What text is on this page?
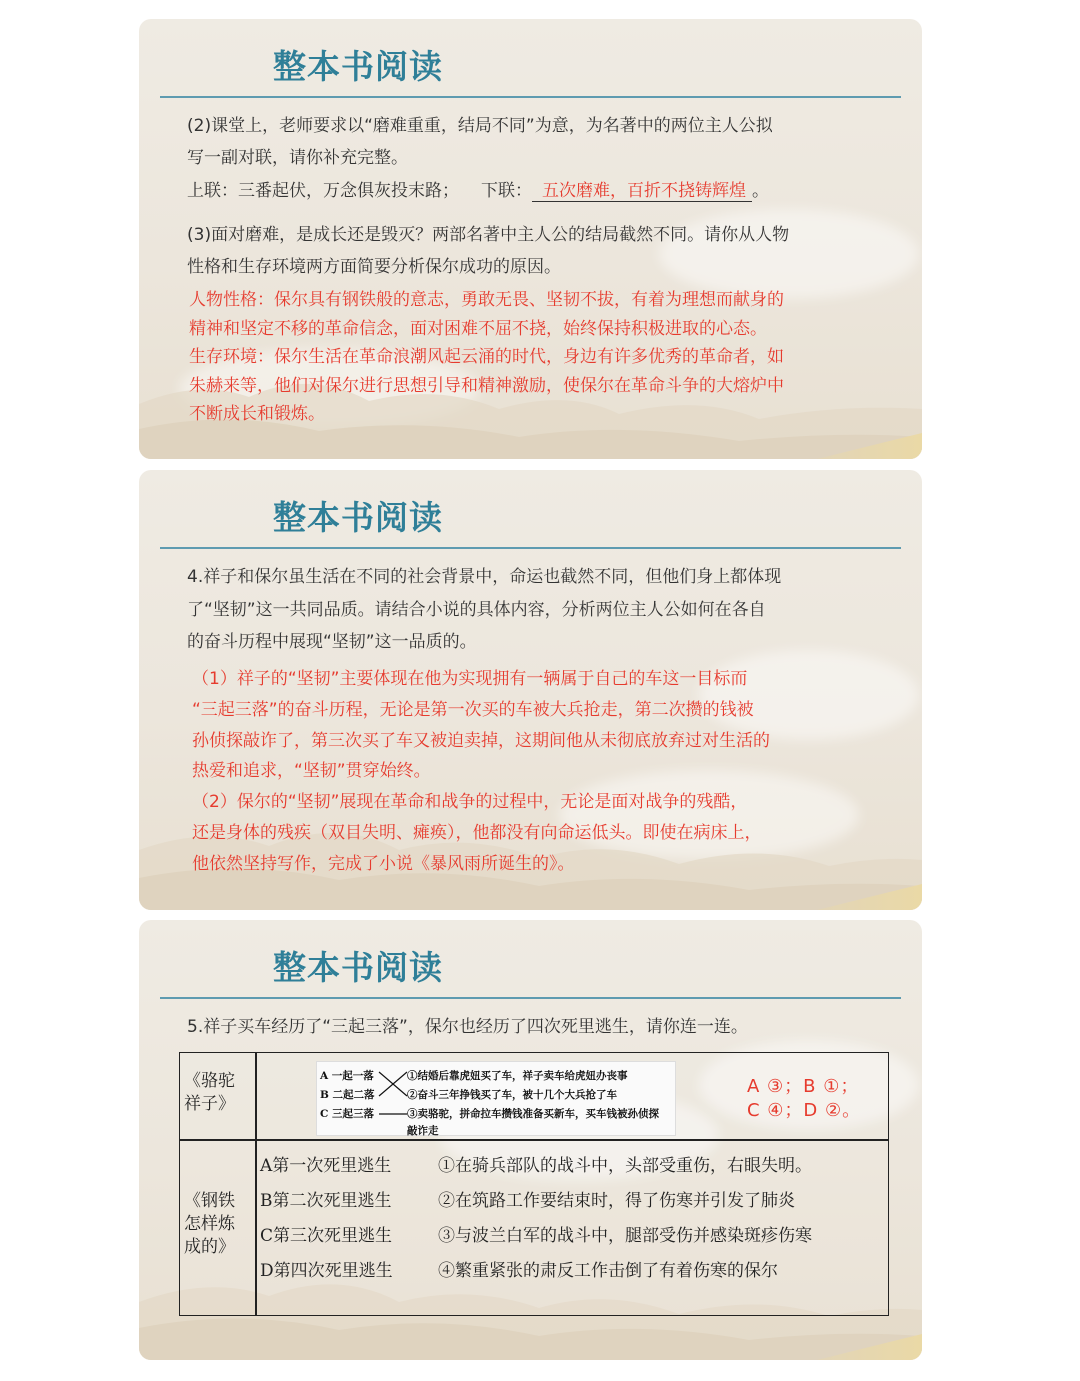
整本书阅读
(2)课堂上，老师要求以“磨难重重，结局不同”为意，为名著中的两位主人公拟
写一副对联，请你补充完整。
上联：三番起伏，万念俱灰投末路； 下联： 五次磨难，百折不挠铸辉煌 。
(3)面对磨难，是成长还是毁灭？两部名著中主人公的结局截然不同。请你从人物
性格和生存环境两方面简要分析保尔成功的原因。
人物性格：保尔具有钢铁般的意志，勇敢无畏、坚韧不拔，有着为理想而献身的
精神和坚定不移的革命信念，面对困难不屈不挠，始终保持积极进取的心态。
生存环境：保尔生活在革命浪潮风起云涌的时代，身边有许多优秀的革命者，如
朱赫来等，他们对保尔进行思想引导和精神激励，使保尔在革命斗争的大熔炉中
不断成长和锻炼。
整本书阅读
4.祥子和保尔虽生活在不同的社会背景中，命运也截然不同，但他们身上都体现
了“坚韧”这一共同品质。请结合小说的具体内容，分析两位主人公如何在各自
的奋斗历程中展现“坚韧”这一品质的。
（1）祥子的“坚韧”主要体现在他为实现拥有一辆属于自己的车这一目标而
“三起三落”的奋斗历程，无论是第一次买的车被大兵抢走，第二次攒的钱被
孙侦探敲诈了，第三次买了车又被迫卖掉，这期间他从未彻底放弃过对生活的
热爱和追求，“坚韧”贯穿始终。
（2）保尔的“坚韧”展现在革命和战争的过程中，无论是面对战争的残酷，
还是身体的残疾（双目失明、瘫痪），他都没有向命运低头。即使在病床上，
他依然坚持写作，完成了小说《暴风雨所诞生的》。
整本书阅读
5.祥子买车经历了“三起三落”，保尔也经历了四次死里逃生，请你连一连。
《骆驼
祥子》
A 一起一落
B 二起二落
C 三起三落
①结婚后靠虎妞买了车，祥子卖车给虎妞办丧事
②奋斗三年挣钱买了车，被十几个大兵抢了车
③卖骆驼，拼命拉车攒钱准备买新车，买车钱被孙侦探
敲诈走
A ③；B ①；
C ④；D ②。
《钢铁
怎样炼
成的》
A第一次死里逃生
B第二次死里逃生
C第三次死里逃生
D第四次死里逃生
①在骑兵部队的战斗中，头部受重伤，右眼失明。
②在筑路工作要结束时，得了伤寒并引发了肺炎
③与波兰白军的战斗中，腿部受伤并感染斑疹伤寒
④繁重紧张的肃反工作击倒了有着伤寒的保尔
